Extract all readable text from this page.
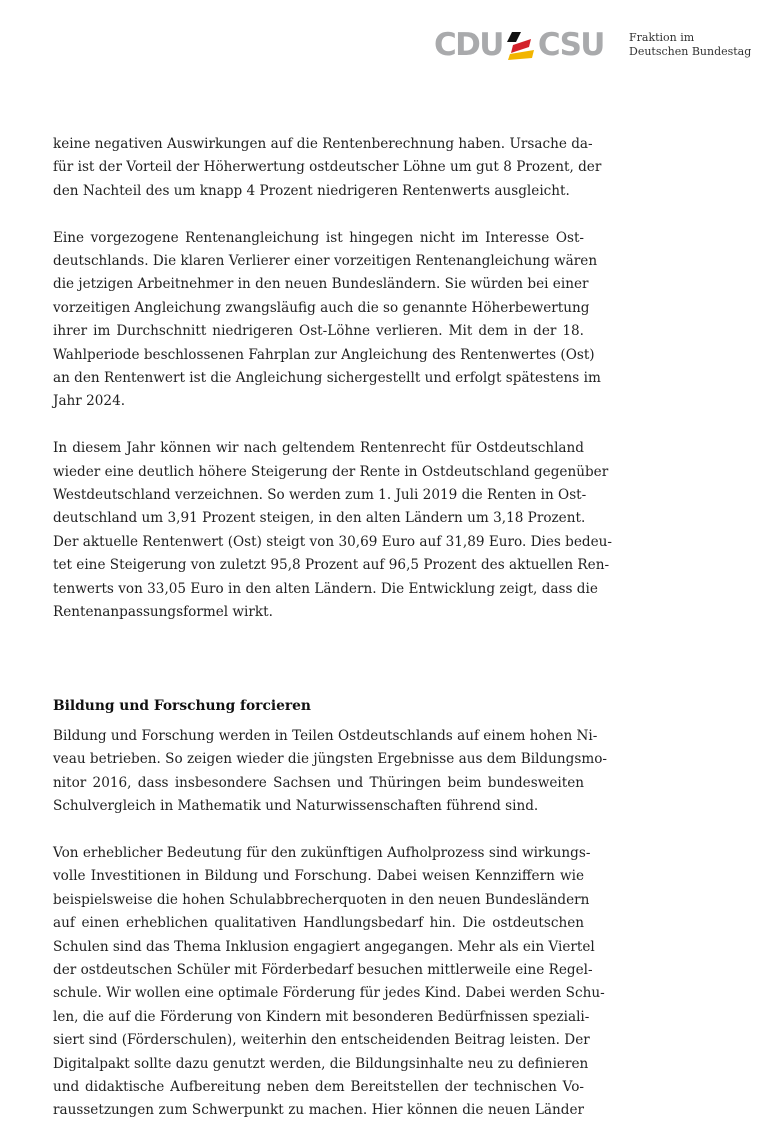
CDU CSU Fraktion im
Deutschen Bundestag

keine negativen Auswirkungen auf die Rentenberechnung haben. Ursache da-
für ist der Vorteil der Höherwertung ostdeutscher Löhne um gut 8 Prozent, der
den Nachteil des um knapp 4 Prozent niedrigeren Rentenwerts ausgleicht.

Eine vorgezogene Rentenangleichung ist hingegen nicht im Interesse Ost-
deutschlands. Die klaren Verlierer einer vorzeitigen Rentenangleichung wären
die jetzigen Arbeitnehmer in den neuen Bundesländern. Sie würden bei einer
vorzeitigen Angleichung zwangsläufig auch die so genannte Höherbewertung
ihrer im Durchschnitt niedrigeren Ost-Löhne verlieren. Mit dem in der 18.
Wahlperiode beschlossenen Fahrplan zur Angleichung des Rentenwertes (Ost)
an den Rentenwert ist die Angleichung sichergestellt und erfolgt spätestens im
Jahr 2024.

In diesem Jahr können wir nach geltendem Rentenrecht für Ostdeutschland
wieder eine deutlich höhere Steigerung der Rente in Ostdeutschland gegenüber
Westdeutschland verzeichnen. So werden zum 1. Juli 2019 die Renten in Ost-
deutschland um 3,91 Prozent steigen, in den alten Ländern um 3,18 Prozent.
Der aktuelle Rentenwert (Ost) steigt von 30,69 Euro auf 31,89 Euro. Dies bedeu-
tet eine Steigerung von zuletzt 95,8 Prozent auf 96,5 Prozent des aktuellen Ren-
tenwerts von 33,05 Euro in den alten Ländern. Die Entwicklung zeigt, dass die
Rentenanpassungsformel wirkt.

Bildung und Forschung forcieren

Bildung und Forschung werden in Teilen Ostdeutschlands auf einem hohen Ni-
veau betrieben. So zeigen wieder die jüngsten Ergebnisse aus dem Bildungsmo-
nitor 2016, dass insbesondere Sachsen und Thüringen beim bundesweiten
Schulvergleich in Mathematik und Naturwissenschaften führend sind.

Von erheblicher Bedeutung für den zukünftigen Aufholprozess sind wirkungs-
volle Investitionen in Bildung und Forschung. Dabei weisen Kennziffern wie
beispielsweise die hohen Schulabbrecherquoten in den neuen Bundesländern
auf einen erheblichen qualitativen Handlungsbedarf hin. Die ostdeutschen
Schulen sind das Thema Inklusion engagiert angegangen. Mehr als ein Viertel
der ostdeutschen Schüler mit Förderbedarf besuchen mittlerweile eine Regel-
schule. Wir wollen eine optimale Förderung für jedes Kind. Dabei werden Schu-
len, die auf die Förderung von Kindern mit besonderen Bedürfnissen speziali-
siert sind (Förderschulen), weiterhin den entscheidenden Beitrag leisten. Der
Digitalpakt sollte dazu genutzt werden, die Bildungsinhalte neu zu definieren
und didaktische Aufbereitung neben dem Bereitstellen der technischen Vo-
raussetzungen zum Schwerpunkt zu machen. Hier können die neuen Länder
